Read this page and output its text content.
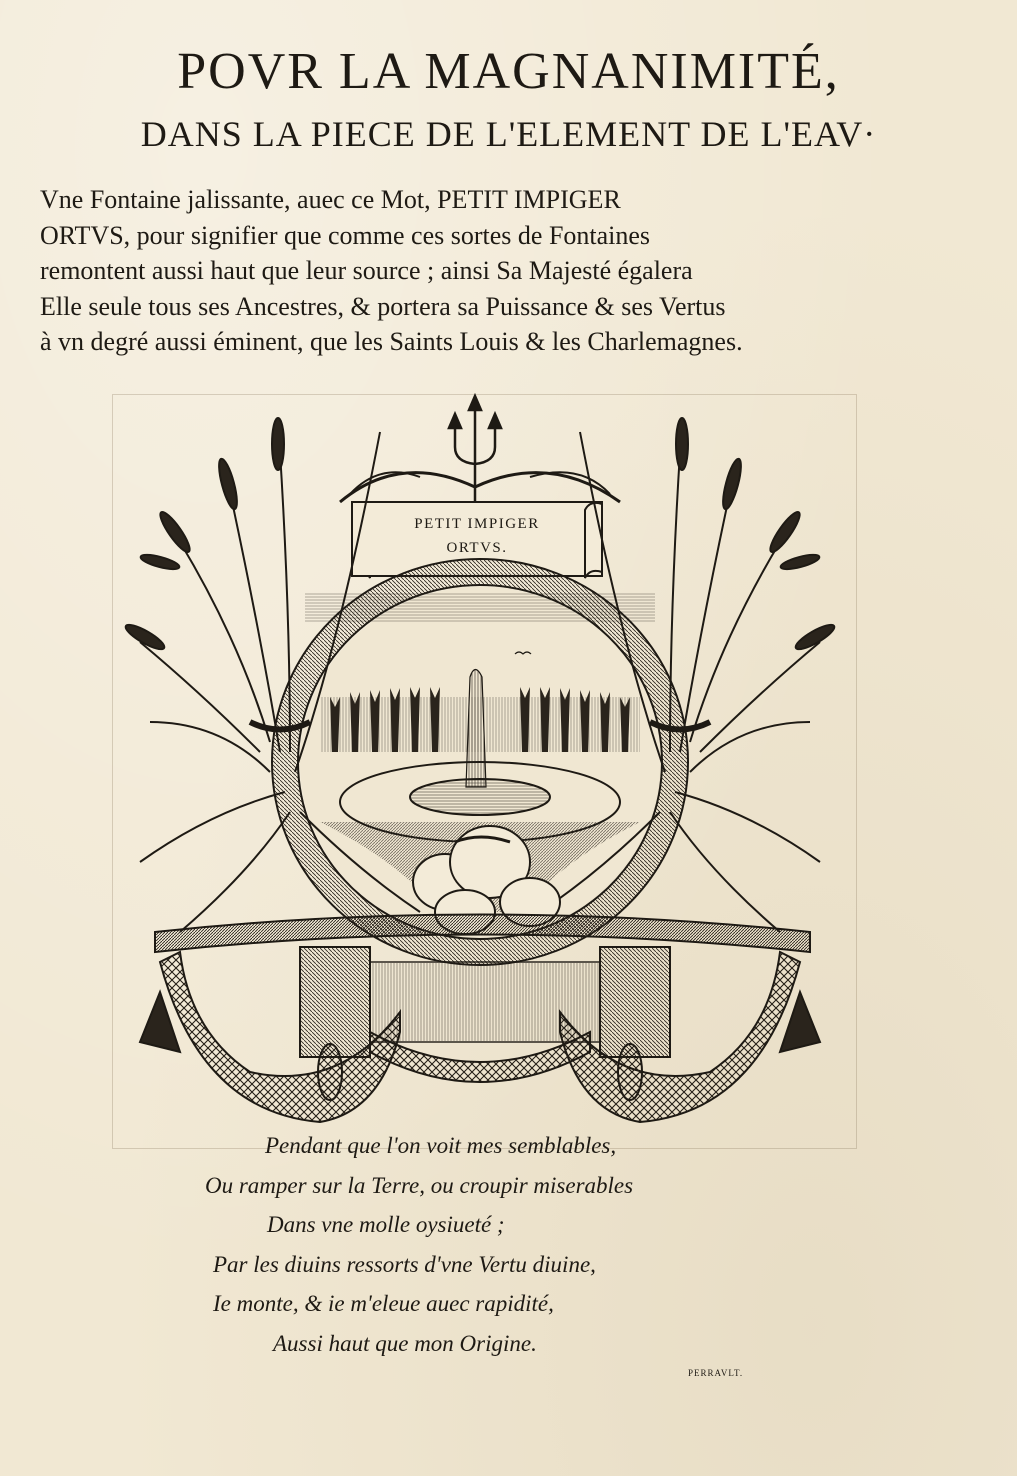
POVR LA MAGNANIMITÉ,
DANS LA PIECE DE L'ELEMENT DE L'EAV·
Vne Fontaine jalissante, auec ce Mot, PETIT IMPIGER
ORTVS, pour signifier que comme ces sortes de Fontaines
remontent aussi haut que leur source ; ainsi Sa Majesté égalera
Elle seule tous ses Ancestres, & portera sa Puissance & ses Vertus
à vn degré aussi éminent, que les Saints Louis & les Charlemagnes.
PETIT IMPIGER
ORTVS.
Pendant que l'on voit mes semblables,
Ou ramper sur la Terre, ou croupir miserables
Dans vne molle oysiueté ;
Par les diuins ressorts d'vne Vertu diuine,
Ie monte, & ie m'eleue auec rapidité,
Aussi haut que mon Origine.
PERRAVLT.
